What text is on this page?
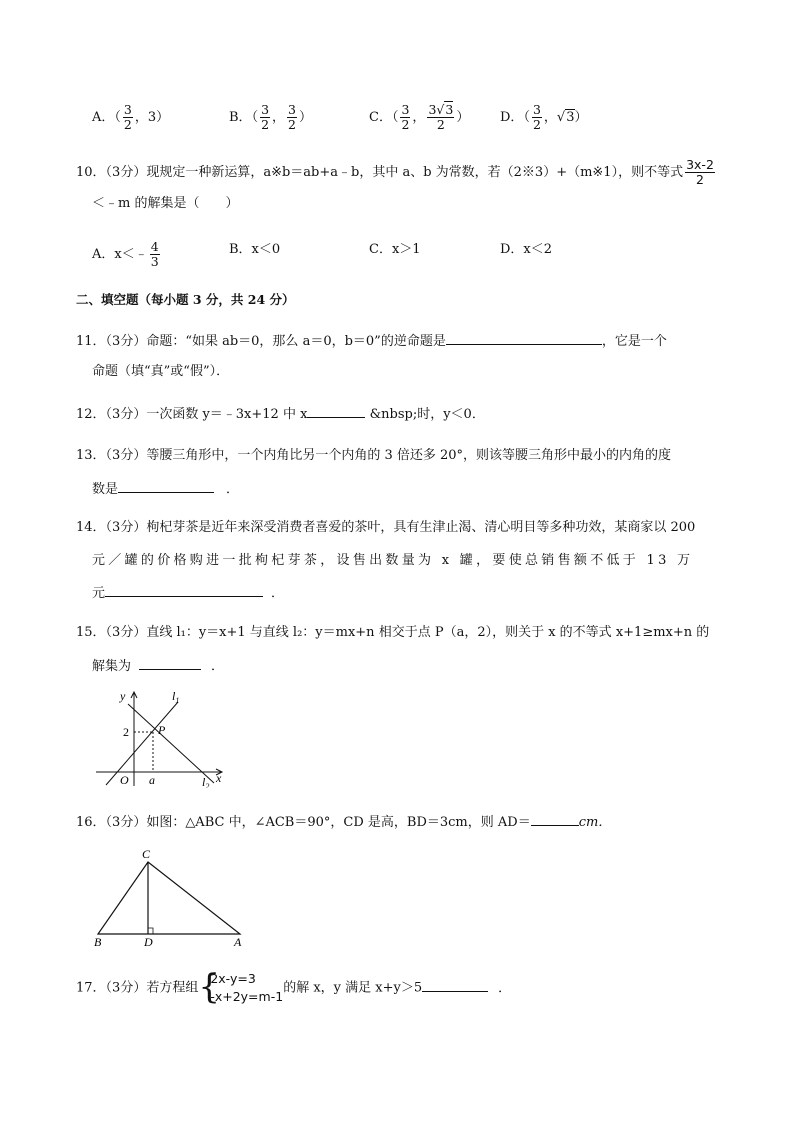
A．（ $\frac{3}{2}$ ，3）	B．（ $\frac{3}{2}$ ， $\frac{3}{2}$ ）	C．（ $\frac{3}{2}$ ， $\frac{3√3}{2}$ ） D．（ $\frac{3}{2}$ ，√3）
10．（3分）现规定一种新运算，a※b＝ab+a﹣b，其中 a、b 为常数，若（2※3）+（m※1），则不等式 $\frac{3x-2}{2}$
＜﹣m 的解集是（　　）
A．x＜﹣ $\frac{4}{3}$	B．x＜0	C．x＞1	D．x＜2
二、填空题（每小题 3 分，共 24 分）
11．（3分）命题：“如果 ab＝0，那么 a＝0，b＝0”的逆命题是	，它是一个
命题（填“真”或“假”）．
12．（3分）一次函数 y＝﹣3x+12 中 x	&nbsp;时，y＜0．
13．（3分）等腰三角形中，一个内角比另一个内角的 3 倍还多 20°，则该等腰三角形中最小的内角的度
数是	．
14．（3分）枸杞芽茶是近年来深受消费者喜爱的茶叶，具有生津止渴、清心明目等多种功效，某商家以 200
元／罐的价格购进一批枸杞芽茶，设售出数量为 x 罐，要使总销售额不低于 13 万
元	．
15．（3分）直线 l₁：y＝x+1 与直线 l₂：y＝mx+n 相交于点 P（a，2），则关于 x 的不等式 x+1≥mx+n 的
解集为	．
y	$l_1$
2 P
O a	$l_2$
x
16．（3分）如图：△ABC 中，∠ACB＝90°，CD 是高，BD＝3cm，则 AD＝	cm．
C
B	D	A
17．（3分）若方程组 {
2x-y=3
-x+2y=m-1
的解 x，y 满足 x+y＞5	．
